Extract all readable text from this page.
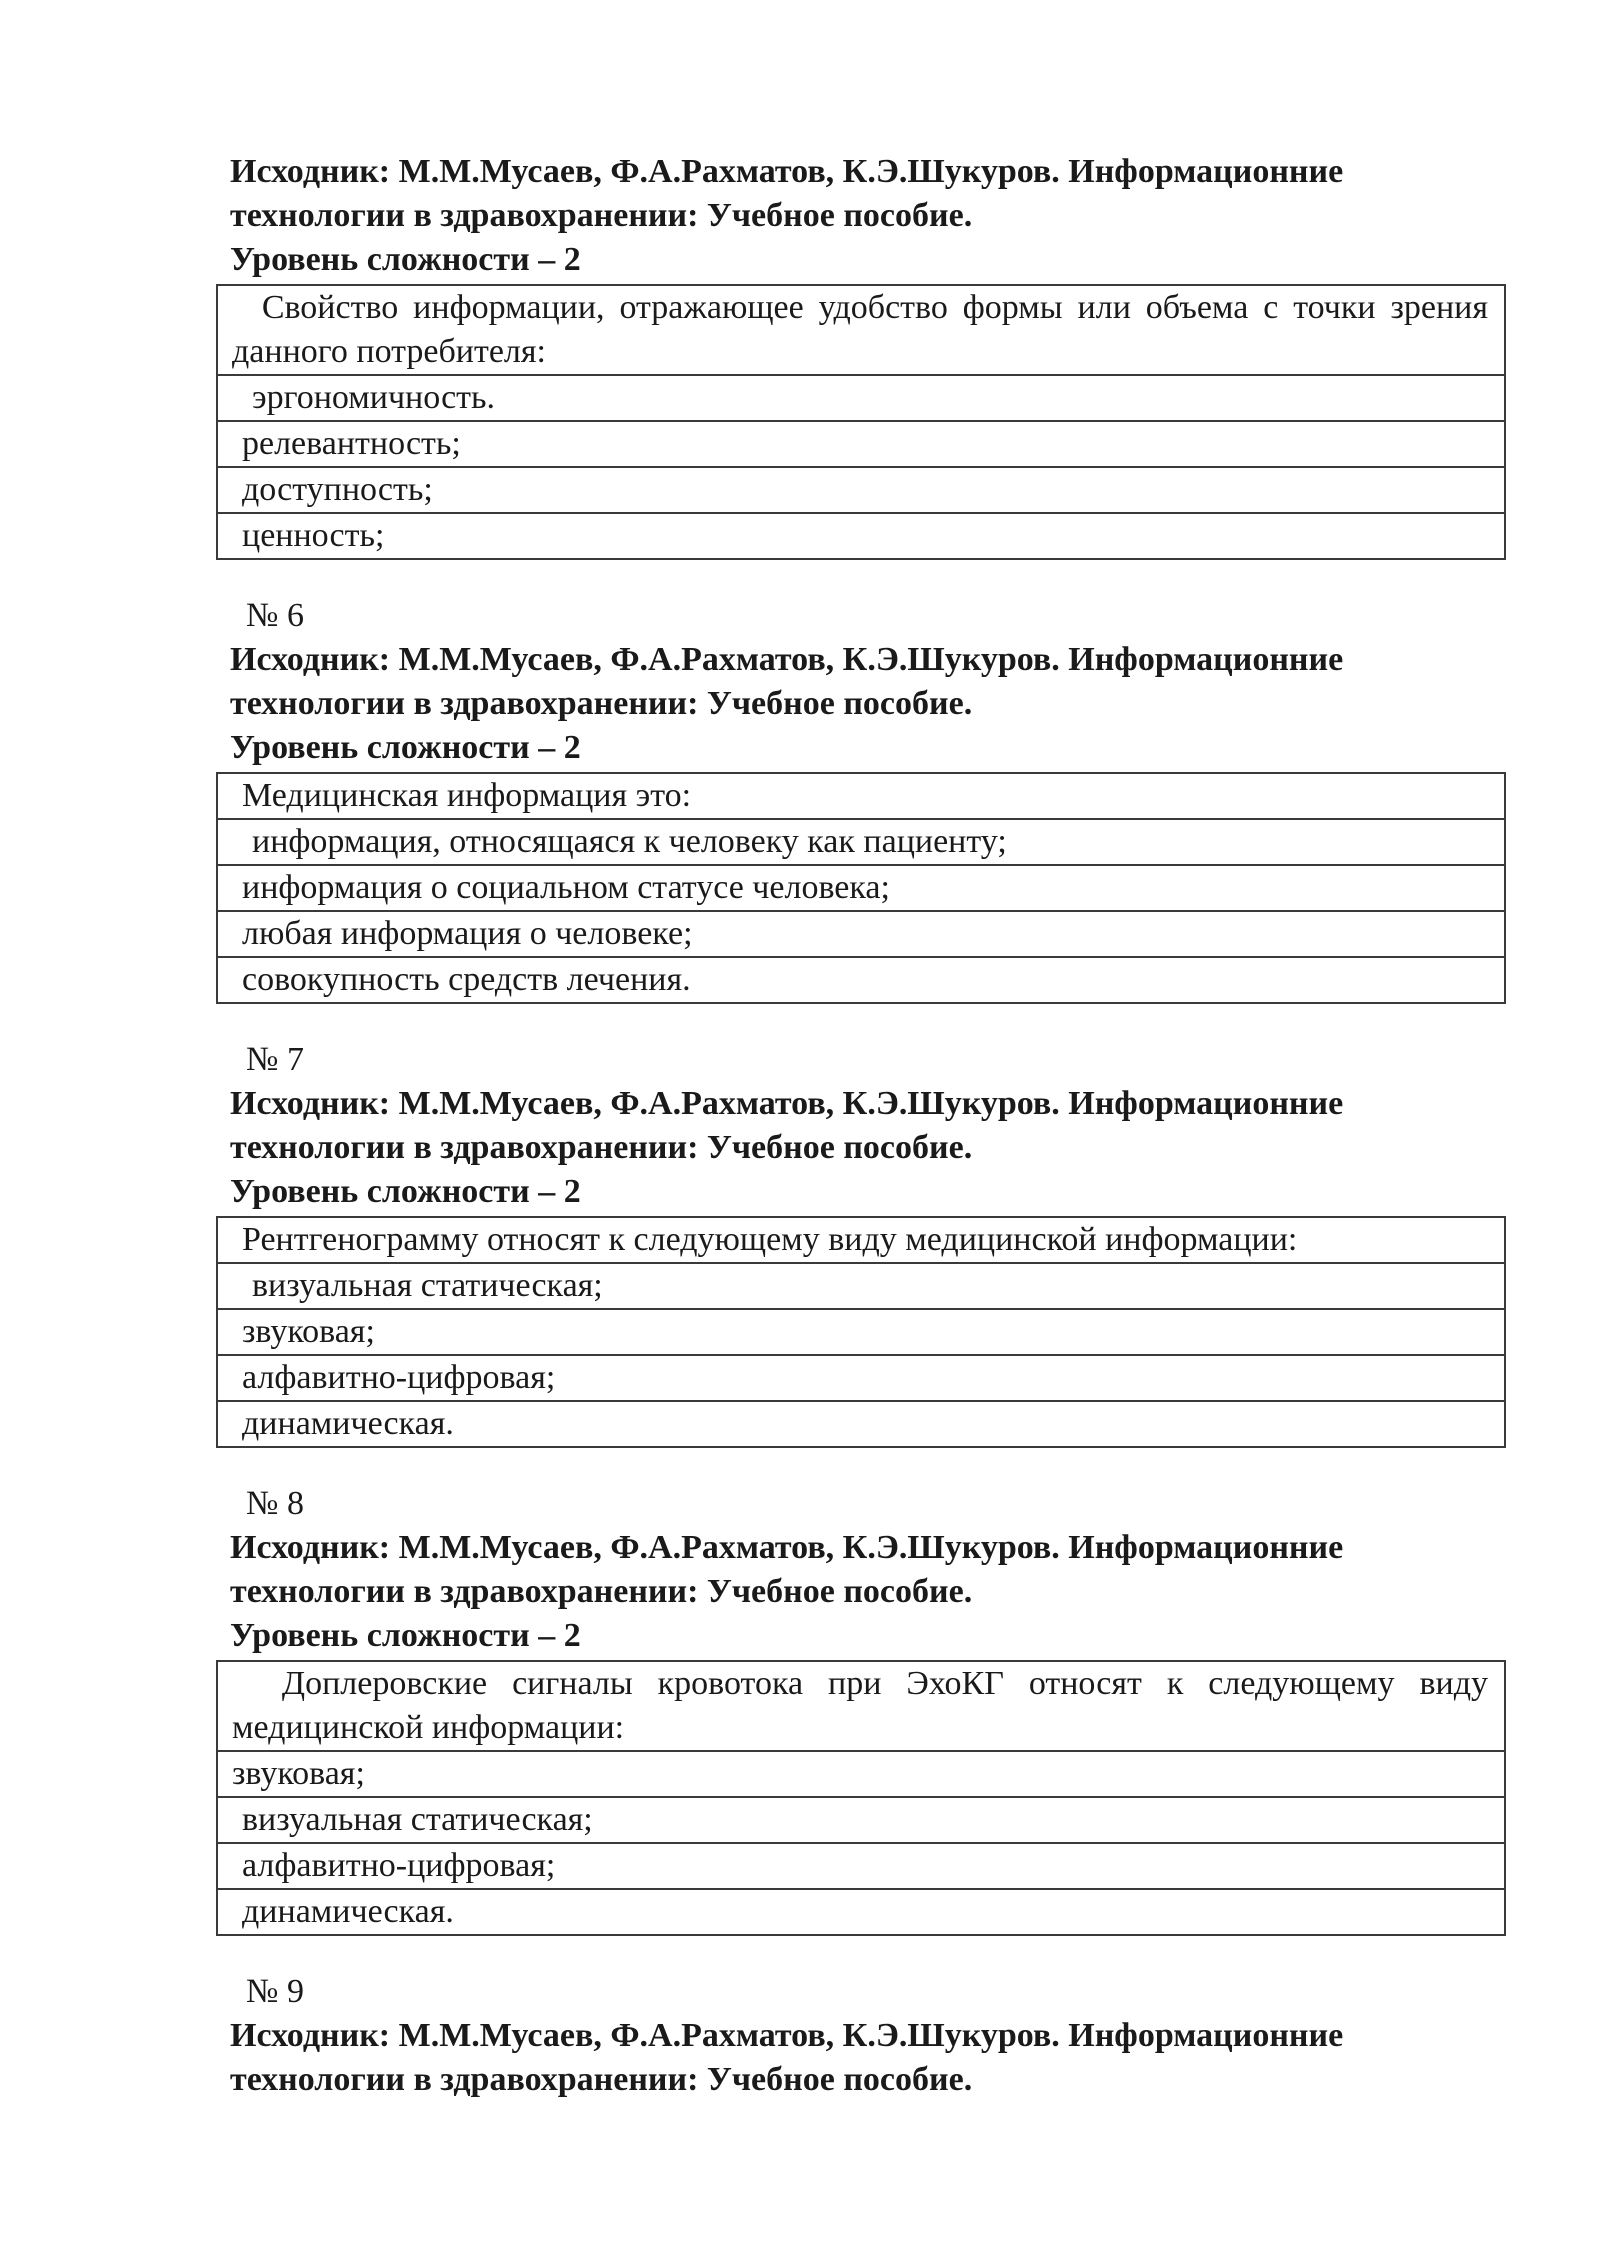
Исходник: М.М.Мусаев, Ф.А.Рахматов, К.Э.Шукуров. Информационние
технологии в здравохранении: Учебное пособие.
Уровень сложности – 2
Свойство информации, отражающее удобство формы или объема с точки зрения данного потребителя:
эргономичность.
релевантность;
доступность;
ценность;
№ 6
Исходник: М.М.Мусаев, Ф.А.Рахматов, К.Э.Шукуров. Информационние
технологии в здравохранении: Учебное пособие.
Уровень сложности – 2
Медицинская информация это:
информация, относящаяся к человеку как пациенту;
информация о социальном статусе человека;
любая информация о человеке;
совокупность средств лечения.
№ 7
Исходник: М.М.Мусаев, Ф.А.Рахматов, К.Э.Шукуров. Информационние
технологии в здравохранении: Учебное пособие.
Уровень сложности – 2
Рентгенограмму относят к следующему виду медицинской информации:
визуальная статическая;
звуковая;
алфавитно-цифровая;
динамическая.
№ 8
Исходник: М.М.Мусаев, Ф.А.Рахматов, К.Э.Шукуров. Информационние
технологии в здравохранении: Учебное пособие.
Уровень сложности – 2
Доплеровские сигналы кровотока при ЭхоКГ относят к следующему виду медицинской информации:
звуковая;
визуальная статическая;
алфавитно-цифровая;
динамическая.
№ 9
Исходник: М.М.Мусаев, Ф.А.Рахматов, К.Э.Шукуров. Информационние
технологии в здравохранении: Учебное пособие.
